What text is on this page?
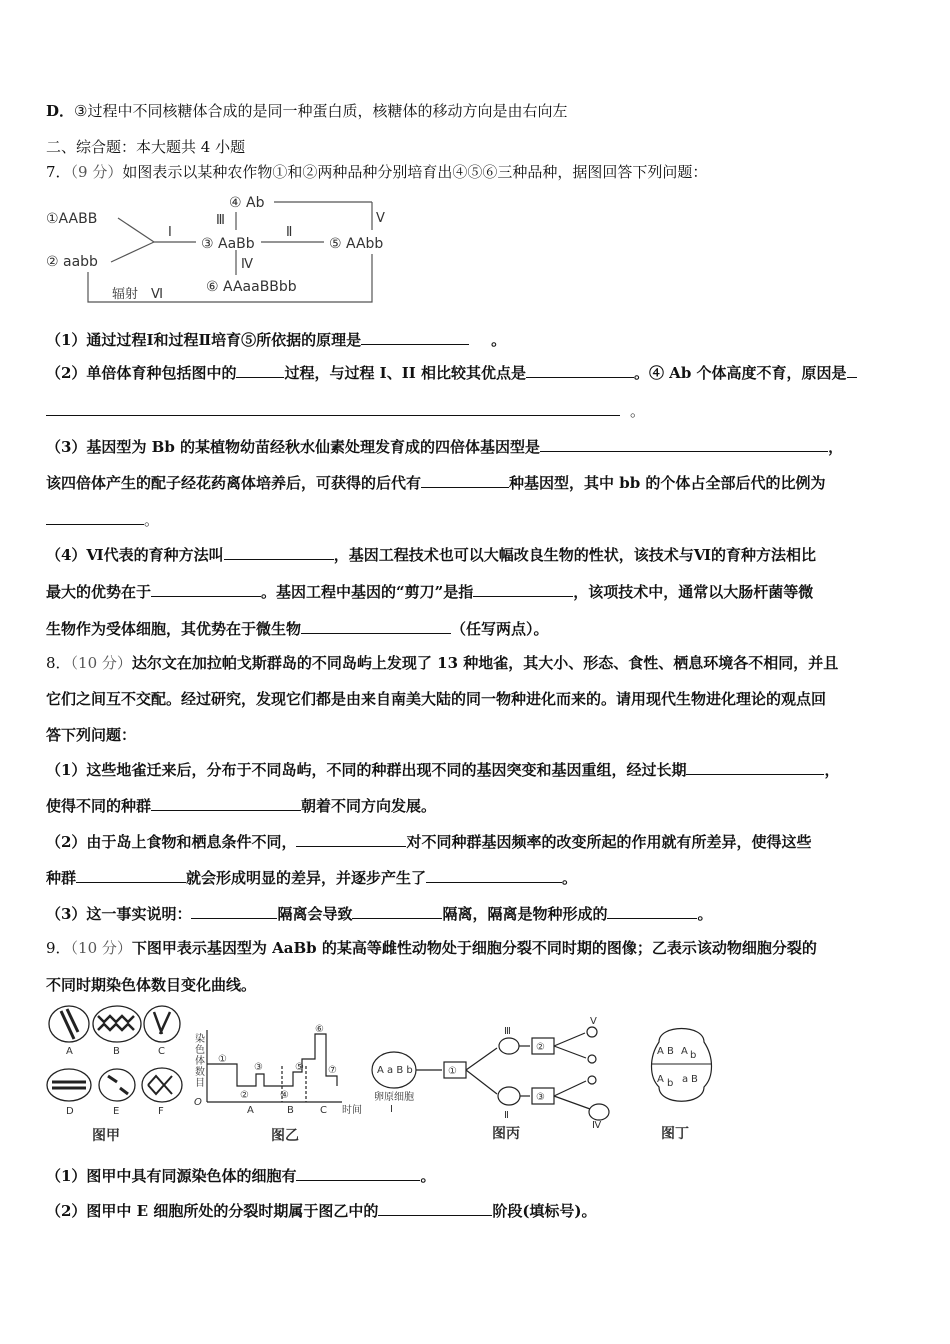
D．③过程中不同核糖体合成的是同一种蛋白质，核糖体的移动方向是由右向左
二、综合题：本大题共 4 小题
7．（9 分）如图表示以某种农作物①和②两种品种分别培育出④⑤⑥三种品种，据图回答下列问题：
①AABB
② aabb
③ AaBb
④ Ab
⑤ AAbb
⑥ AAaaBBbb
Ⅰ	Ⅱ
Ⅲ
Ⅳ
Ⅴ
辐射　Ⅵ
（1）通过过程Ⅰ和过程Ⅱ培育⑤所依据的原理是	。
（2）单倍体育种包括图中的	过程，与过程 I、II 相比较其优点是	。④ Ab 个体高度不育，原因是
。
（3）基因型为 Bb 的某植物幼苗经秋水仙素处理发育成的四倍体基因型是	，
该四倍体产生的配子经花药离体培养后，可获得的后代有	种基因型，其中 bb 的个体占全部后代的比例为
。
（4）Ⅵ代表的育种方法叫	，基因工程技术也可以大幅改良生物的性状，该技术与Ⅵ的育种方法相比
最大的优势在于	。基因工程中基因的“剪刀”是指	，该项技术中，通常以大肠杆菌等微
生物作为受体细胞，其优势在于微生物	（任写两点）。
8．（10 分）达尔文在加拉帕戈斯群岛的不同岛屿上发现了 13 种地雀，其大小、形态、食性、栖息环境各不相同，并且
它们之间互不交配。经过研究，发现它们都是由来自南美大陆的同一物种进化而来的。请用现代生物进化理论的观点回
答下列问题：
（1）这些地雀迁来后，分布于不同岛屿，不同的种群出现不同的基因突变和基因重组，经过长期	，
使得不同的种群	朝着不同方向发展。
（2）由于岛上食物和栖息条件不同，	对不同种群基因频率的改变所起的作用就有所差异，使得这些
种群	就会形成明显的差异，并逐步产生了	。
（3）这一事实说明：	隔离会导致	隔离，隔离是物种形成的	。
9．（10 分）下图甲表示基因型为 AaBb 的某高等雌性动物处于细胞分裂不同时期的图像；乙表示该动物细胞分裂的
不同时期染色体数目变化曲线。
A	B	C
D	E	F
图甲
染
色
体
数
目
O
①
②
③
④
⑤
⑥
⑦
A	B	C 时间
图乙
A a B b
卵原细胞
Ⅰ
①
②
③
Ⅲ
Ⅱ
Ⅴ
Ⅳ
图丙
A B A b
A b a B
图丁
（1）图甲中具有同源染色体的细胞有	。
（2）图甲中 E 细胞所处的分裂时期属于图乙中的	阶段(填标号)。
